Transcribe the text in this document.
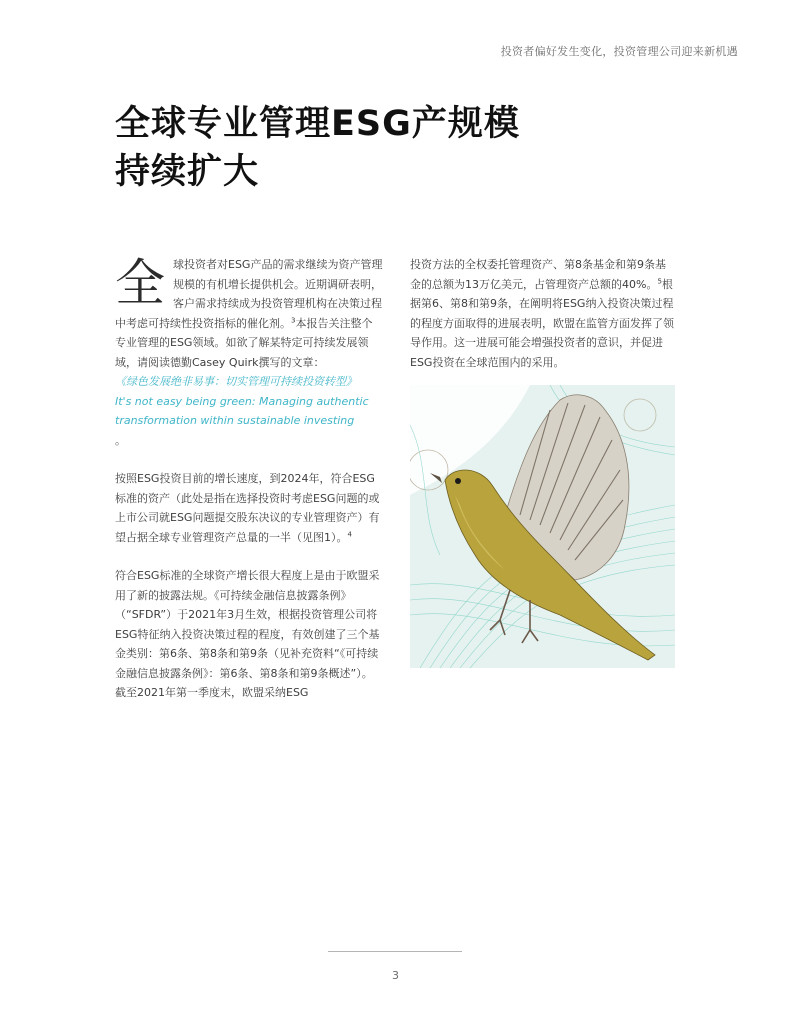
投资者偏好发生变化，投资管理公司迎来新机遇
全球专业管理ESG产规模
持续扩大

全 球投资者对ESG产品的需求继续为资产管理规模的有机增长提供机会。近期调研表明，客户需求持续成为投资管理机构在决策过程中考虑可持续性投资指标的催化剂。$^3$本报告关注整个专业管理的ESG领域。如欲了解某特定可持续发展领域，请阅读德勤Casey Quirk撰写的文章：
《绿色发展绝非易事：切实管理可持续投资转型》
It's not easy being green: Managing authentic transformation within sustainable investing
。

按照ESG投资目前的增长速度，到2024年，符合ESG标准的资产（此处是指在选择投资时考虑ESG问题的或上市公司就ESG问题提交股东决议的专业管理资产）有望占据全球专业管理资产总量的一半（见图1）。$^4$

符合ESG标准的全球资产增长很大程度上是由于欧盟采用了新的披露法规。《可持续金融信息披露条例》（“SFDR”）于2021年3月生效，根据投资管理公司将ESG特征纳入投资决策过程的程度，有效创建了三个基金类别：第6条、第8条和第9条（见补充资料“《可持续金融信息披露条例》：第6条、第8条和第9条概述”）。截至2021年第一季度末，欧盟采纳ESG

投资方法的全权委托管理资产、第8条基金和第9条基金的总额为13万亿美元，占管理资产总额的40%。$^5$根据第6、第8和第9条，在阐明将ESG纳入投资决策过程的程度方面取得的进展表明，欧盟在监管方面发挥了领导作用。这一进展可能会增强投资者的意识，并促进ESG投资在全球范围内的采用。

3
